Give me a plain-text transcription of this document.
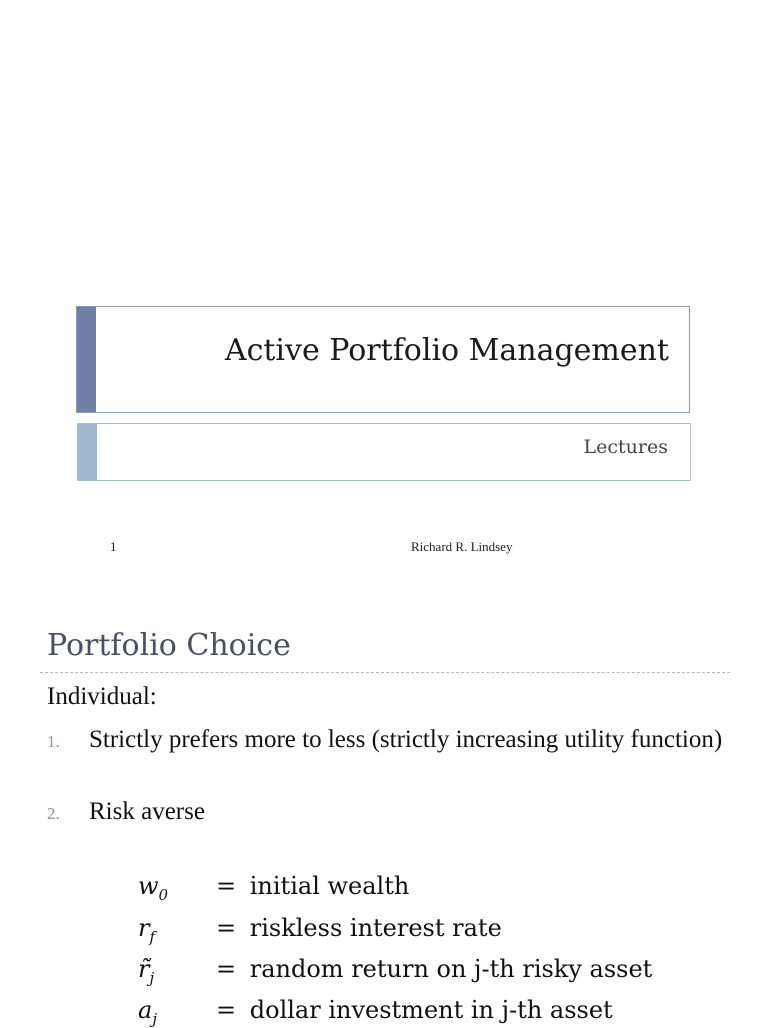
Active Portfolio Management
Lectures
1	Richard R. Lindsey
Portfolio Choice
Individual:
1. Strictly prefers more to less (strictly increasing utility function)
2. Risk averse
$w_0$ = initial wealth
$r_f$	= riskless interest rate
$r̃_j$	= random return on j-th risky asset
$a_j$ = dollar investment in j-th asset
